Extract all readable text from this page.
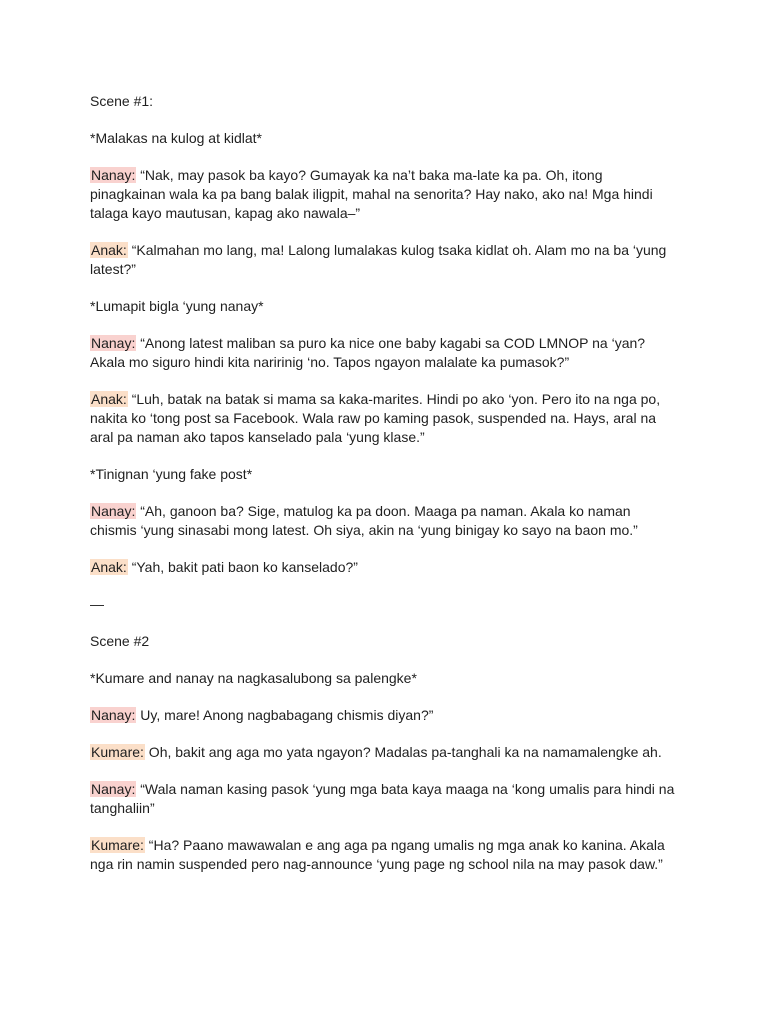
Scene #1:

*Malakas na kulog at kidlat*

Nanay: “Nak, may pasok ba kayo? Gumayak ka na’t baka ma-late ka pa. Oh, itong pinagkainan wala ka pa bang balak iligpit, mahal na senorita? Hay nako, ako na! Mga hindi talaga kayo mautusan, kapag ako nawala–”

Anak: “Kalmahan mo lang, ma! Lalong lumalakas kulog tsaka kidlat oh. Alam mo na ba ‘yung latest?”

*Lumapit bigla ‘yung nanay*

Nanay: “Anong latest maliban sa puro ka nice one baby kagabi sa COD LMNOP na ‘yan? Akala mo siguro hindi kita naririnig ‘no. Tapos ngayon malalate ka pumasok?”

Anak: “Luh, batak na batak si mama sa kaka-marites. Hindi po ako ‘yon. Pero ito na nga po, nakita ko ‘tong post sa Facebook. Wala raw po kaming pasok, suspended na. Hays, aral na aral pa naman ako tapos kanselado pala ‘yung klase.”

*Tinignan ‘yung fake post*

Nanay: “Ah, ganoon ba? Sige, matulog ka pa doon. Maaga pa naman. Akala ko naman chismis ‘yung sinasabi mong latest. Oh siya, akin na ‘yung binigay ko sayo na baon mo.”

Anak: “Yah, bakit pati baon ko kanselado?”

—

Scene #2

*Kumare and nanay na nagkasalubong sa palengke*

Nanay: Uy, mare! Anong nagbabagang chismis diyan?”

Kumare: Oh, bakit ang aga mo yata ngayon? Madalas pa-tanghali ka na namamalengke ah.

Nanay: “Wala naman kasing pasok ‘yung mga bata kaya maaga na ‘kong umalis para hindi na tanghaliin”

Kumare: “Ha? Paano mawawalan e ang aga pa ngang umalis ng mga anak ko kanina. Akala nga rin namin suspended pero nag-announce ‘yung page ng school nila na may pasok daw.”
